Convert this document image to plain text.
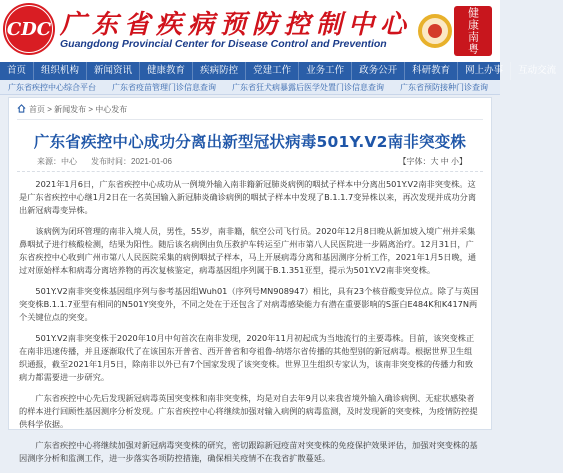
CDC 广东省疾病预防控制中心
Guangdong Provincial Center for Disease Control and Prevention	健康南粤
首页	组织机构	新闻资讯	健康教育	疾病防控	党建工作	业务工作	政务公开	科研教育	网上办事	互动交流
广东省疾控中心综合平台	广东省疫苗管理门诊信息查询	广东省狂犬病暴露后医学处置门诊信息查询	广东省预防接种门诊查询
首页 > 新闻发布 > 中心发布
广东省疾控中心成功分离出新型冠状病毒501Y.V2南非突变株
来源：中心 发布时间：2021-01-06	【字体：大 中 小】

2021年1月6日，广东省疾控中心成功从一例境外输入南非籍新冠肺炎病例的咽拭子样本中分离出501Y.V2南非突变株。这是广东省疾控中心继1月2日在一名英国输入新冠肺炎确诊病例的咽拭子样本中发现了B.1.1.7变异株以来，再次发现并成功分离出新冠病毒变异株。

该病例为闭环管理的南非入境人员，男性，55岁，南非籍，航空公司飞行员。2020年12月8日晚从新加坡入境广州并采集鼻咽拭子进行核酸检测，结果为阳性。随后该名病例由负压救护车转运至广州市第八人民医院进一步隔离治疗。12月31日，广东省疾控中心收到广州市第八人民医院采集的病例咽拭子样本，马上开展病毒分离和基因测序分析工作，2021年1月5日晚，通过对原始样本和病毒分离培养物的再次复核鉴定，病毒基因组序列属于B.1.351亚型，提示为501Y.V2南非突变株。

501Y.V2南非突变株基因组序列与参考基因组Wuh01（序列号MN908947）相比，具有23个核苷酸变异位点。除了与英国突变株B.1.1.7亚型有相同的N501Y突变外，不同之处在于还包含了对病毒感染能力有潜在重要影响的S蛋白E484K和K417N两个关键位点的突变。

501Y.V2南非突变株于2020年10月中旬首次在南非发现，2020年11月初起成为当地流行的主要毒株。目前，该突变株正在南非迅速传播，并且逐渐取代了在该国东开普省、西开普省和夸祖鲁-纳塔尔省传播的其他型别的新冠病毒。根据世界卫生组织通报，截至2021年1月5日，除南非以外已有7个国家发现了该突变株。世界卫生组织专家认为，该南非突变株的传播力和致病力都需要进一步研究。

广东省疾控中心先后发现新冠病毒英国突变株和南非突变株，均是对自去年9月以来我省境外输入确诊病例、无症状感染者的样本进行回顾性基因测序分析发现。广东省疾控中心将继续加强对输入病例的病毒监测，及时发现新的突变株，为疫情防控提供科学依据。

广东省疾控中心将继续加强对新冠病毒突变株的研究，密切跟踪新冠疫苗对突变株的免疫保护效果评估，加强对突变株的基因测序分析和监测工作，进一步落实各项防控措施，确保相关疫情不在我省扩散蔓延。
